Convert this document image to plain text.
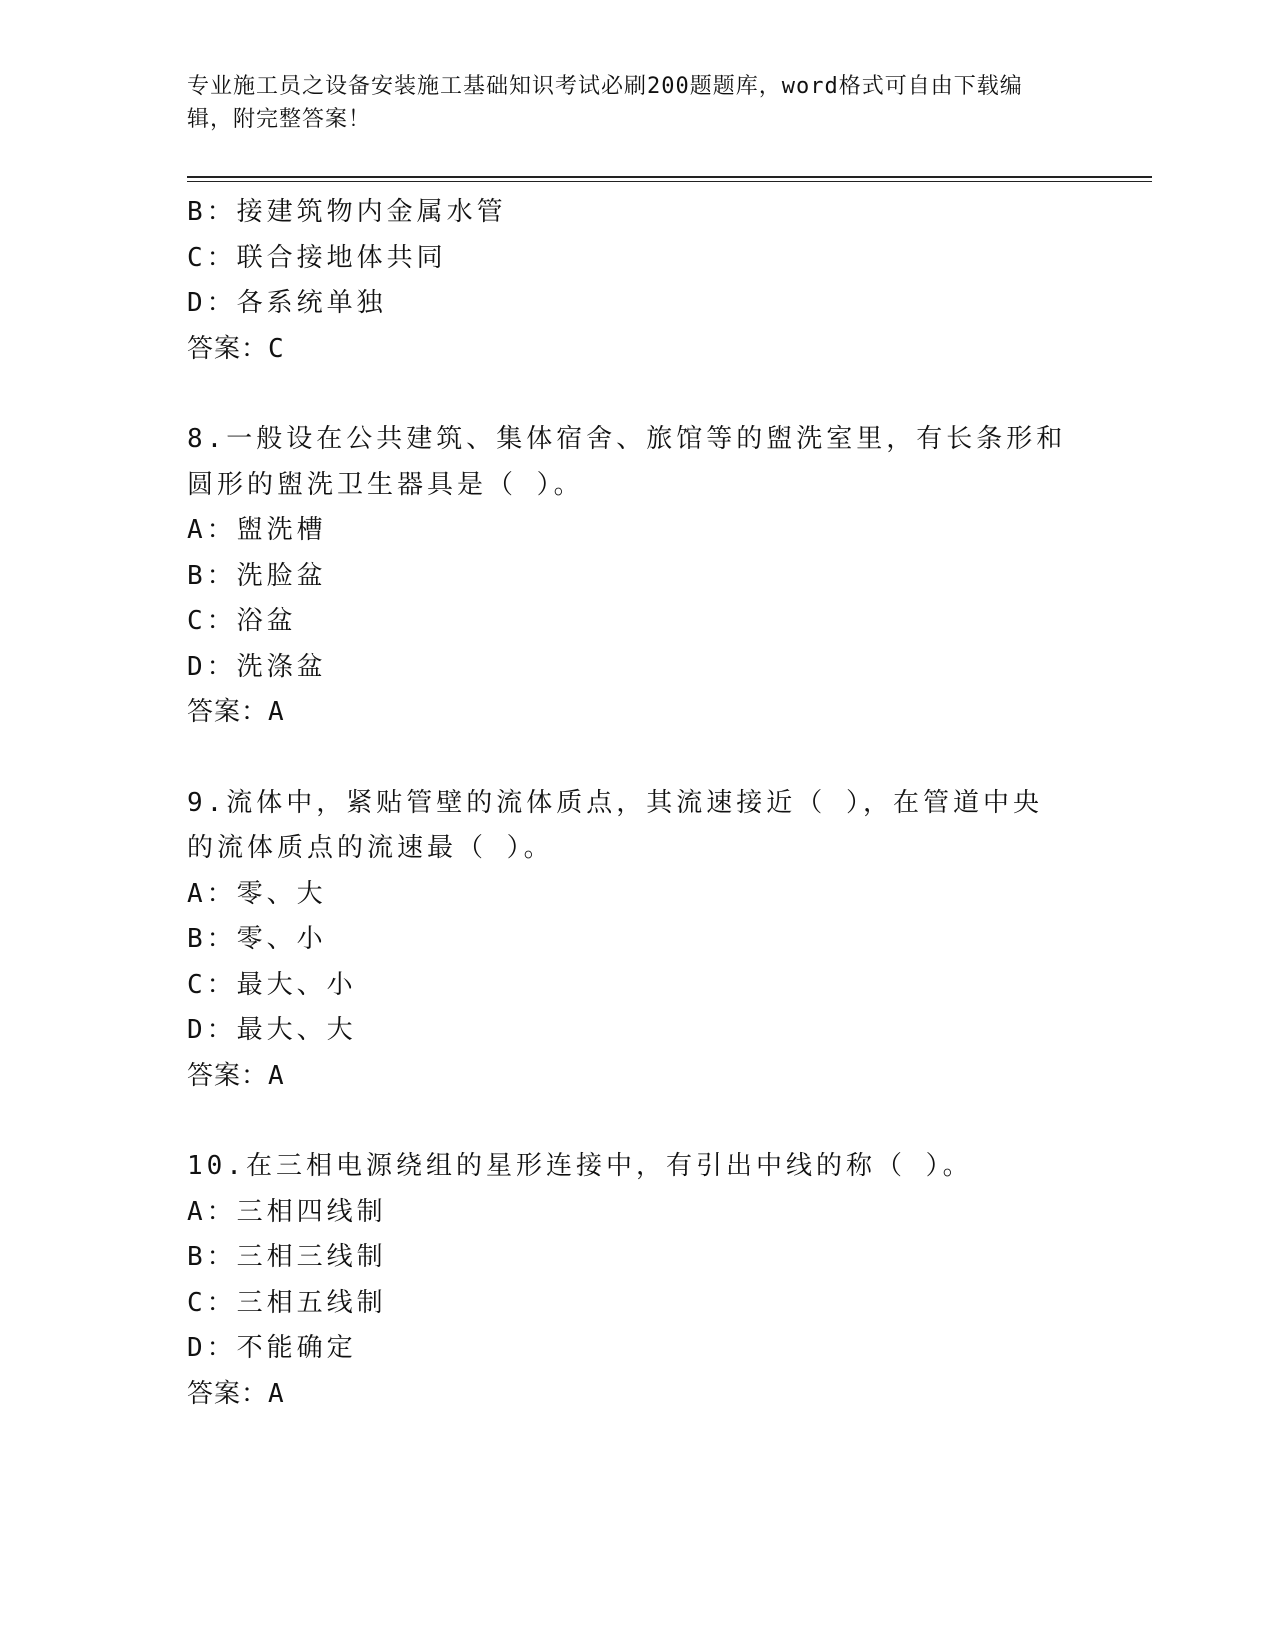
专业施工员之设备安装施工基础知识考试必刷200题题库，word格式可自由下载编辑，附完整答案！
B：接建筑物内金属水管
C：联合接地体共同
D：各系统单独
答案：C
8.一般设在公共建筑、集体宿舍、旅馆等的盥洗室里，有长条形和圆形的盥洗卫生器具是（ ）。
A：盥洗槽
B：洗脸盆
C：浴盆
D：洗涤盆
答案：A
9.流体中，紧贴管壁的流体质点，其流速接近（ ），在管道中央的流体质点的流速最（ ）。
A：零、大
B：零、小
C：最大、小
D：最大、大
答案：A
10.在三相电源绕组的星形连接中，有引出中线的称（ ）。
A：三相四线制
B：三相三线制
C：三相五线制
D：不能确定
答案：A
